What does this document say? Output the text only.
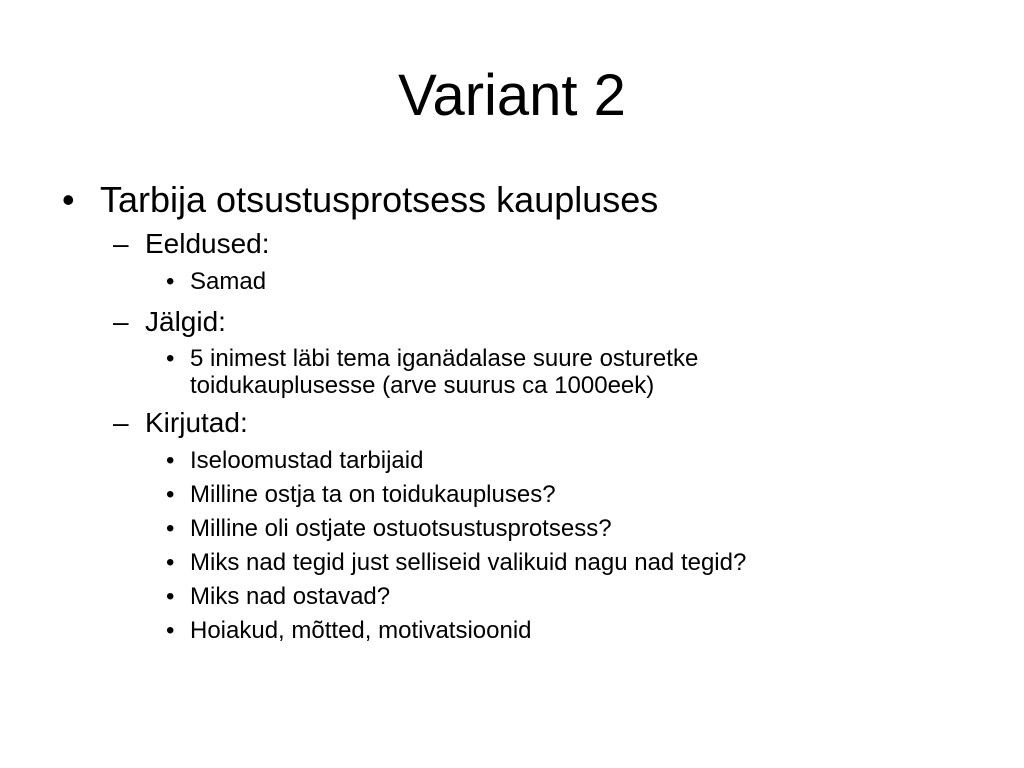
Variant 2
• Tarbija otsustusprotsess kaupluses
– Eeldused:
• Samad
– Jälgid:
• 5 inimest läbi tema iganädalase suure osturetke toidukauplusesse (arve suurus ca 1000eek)
– Kirjutad:
• Iseloomustad tarbijaid
• Milline ostja ta on toidukaupluses?
• Milline oli ostjate ostuotsustusprotsess?
• Miks nad tegid just selliseid valikuid nagu nad tegid?
• Miks nad ostavad?
• Hoiakud, mõtted, motivatsioonid
